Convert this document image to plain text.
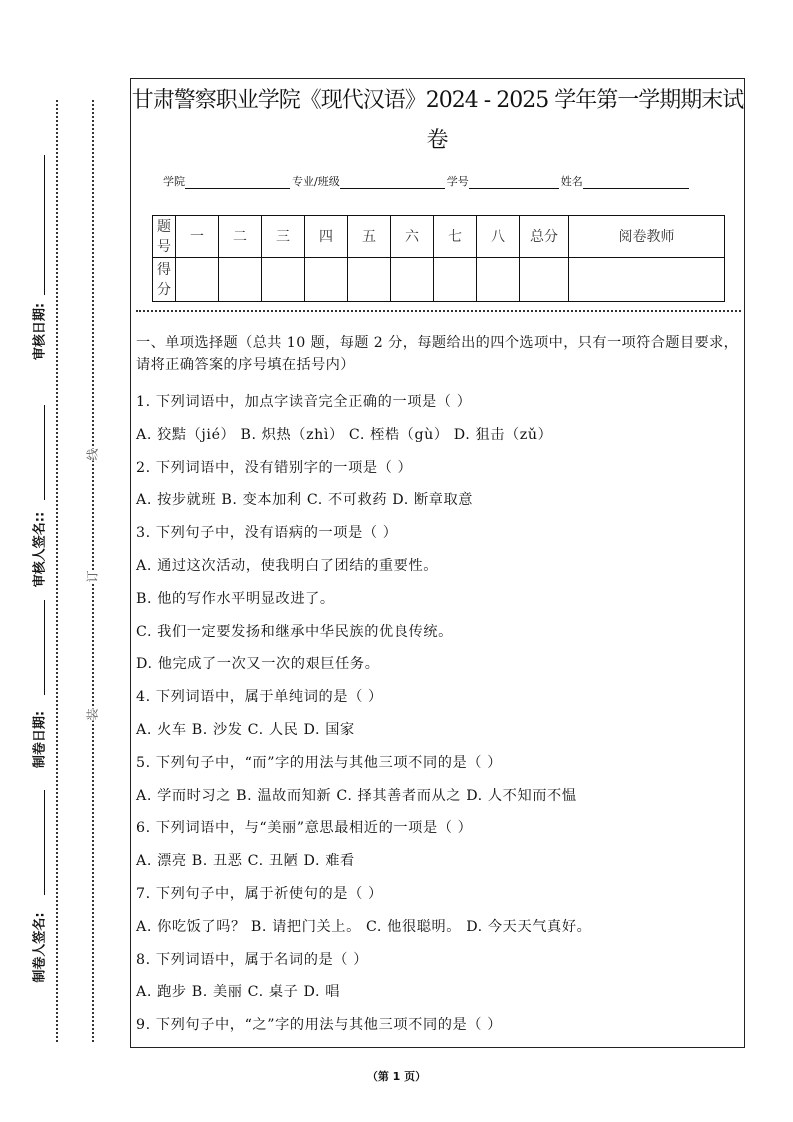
审核日期:
审核人签名::
制卷日期:
制卷人签名:
线
订
装
甘肃警察职业学院《现代汉语》2024 - 2025 学年第一学期期末试
卷
学院	专业/班级	学号	姓名
题号	一	二	三	四	五	六	七	八	总分	阅卷教师
得分										
一、单项选择题（总共 10 题，每题 2 分，每题给出的四个选项中，只有一项符合题目要求，请将正确答案的序号填在括号内）
1. 下列词语中，加点字读音完全正确的一项是（ ）
A. 狡黠（jié） B. 炽热（zhì） C. 桎梏（gù） D. 狙击（zǔ）
2. 下列词语中，没有错别字的一项是（ ）
A. 按步就班 B. 变本加利 C. 不可救药 D. 断章取意
3. 下列句子中，没有语病的一项是（ ）
A. 通过这次活动，使我明白了团结的重要性。
B. 他的写作水平明显改进了。
C. 我们一定要发扬和继承中华民族的优良传统。
D. 他完成了一次又一次的艰巨任务。
4. 下列词语中，属于单纯词的是（ ）
A. 火车 B. 沙发 C. 人民 D. 国家
5. 下列句子中，“而”字的用法与其他三项不同的是（ ）
A. 学而时习之 B. 温故而知新 C. 择其善者而从之 D. 人不知而不愠
6. 下列词语中，与“美丽”意思最相近的一项是（ ）
A. 漂亮 B. 丑恶 C. 丑陋 D. 难看
7. 下列句子中，属于祈使句的是（ ）
A. 你吃饭了吗？ B. 请把门关上。 C. 他很聪明。 D. 今天天气真好。
8. 下列词语中，属于名词的是（ ）
A. 跑步 B. 美丽 C. 桌子 D. 唱
9. 下列句子中，“之”字的用法与其他三项不同的是（ ）
（第 1 页）
